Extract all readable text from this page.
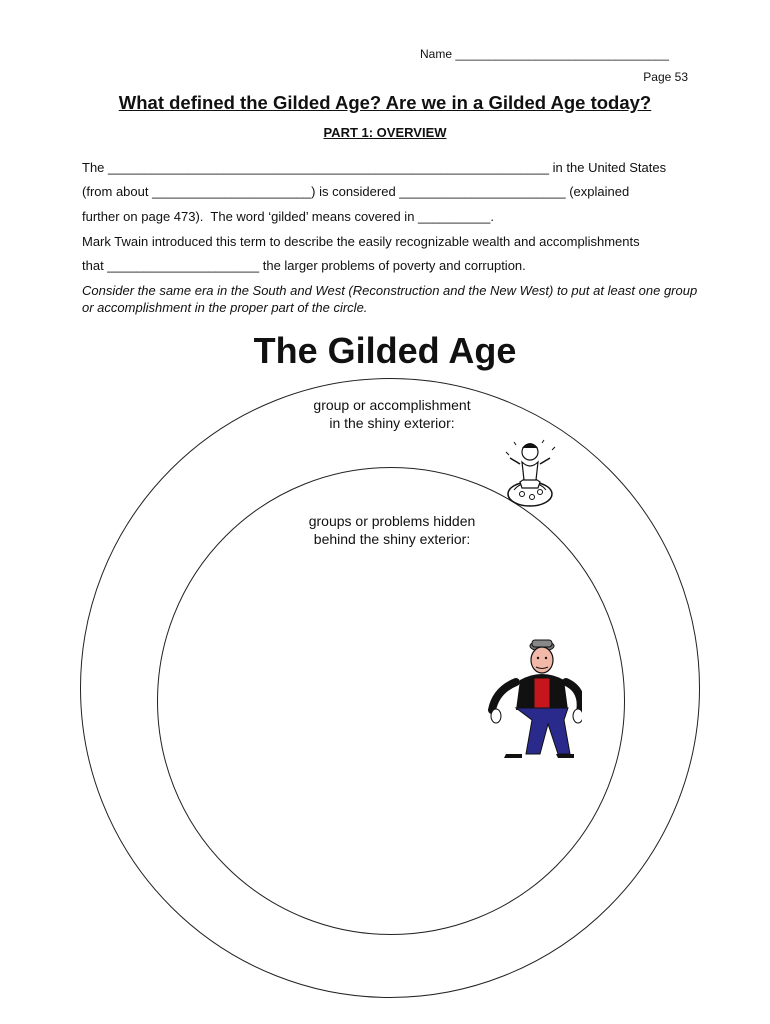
Name ________________________________
Page 53
What defined the Gilded Age? Are we in a Gilded Age today?
PART 1: OVERVIEW
The _____________________________________________________________ in the United States
(from about ______________________) is considered _______________________ (explained
further on page 473).  The word ‘gilded’ means covered in __________.
Mark Twain introduced this term to describe the easily recognizable wealth and accomplishments
that _____________________ the larger problems of poverty and corruption.
Consider the same era in the South and West (Reconstruction and the New West) to put at least one group or accomplishment in the proper part of the circle.
The Gilded Age
group or accomplishment
in the shiny exterior:
groups or problems hidden
behind the shiny exterior:
